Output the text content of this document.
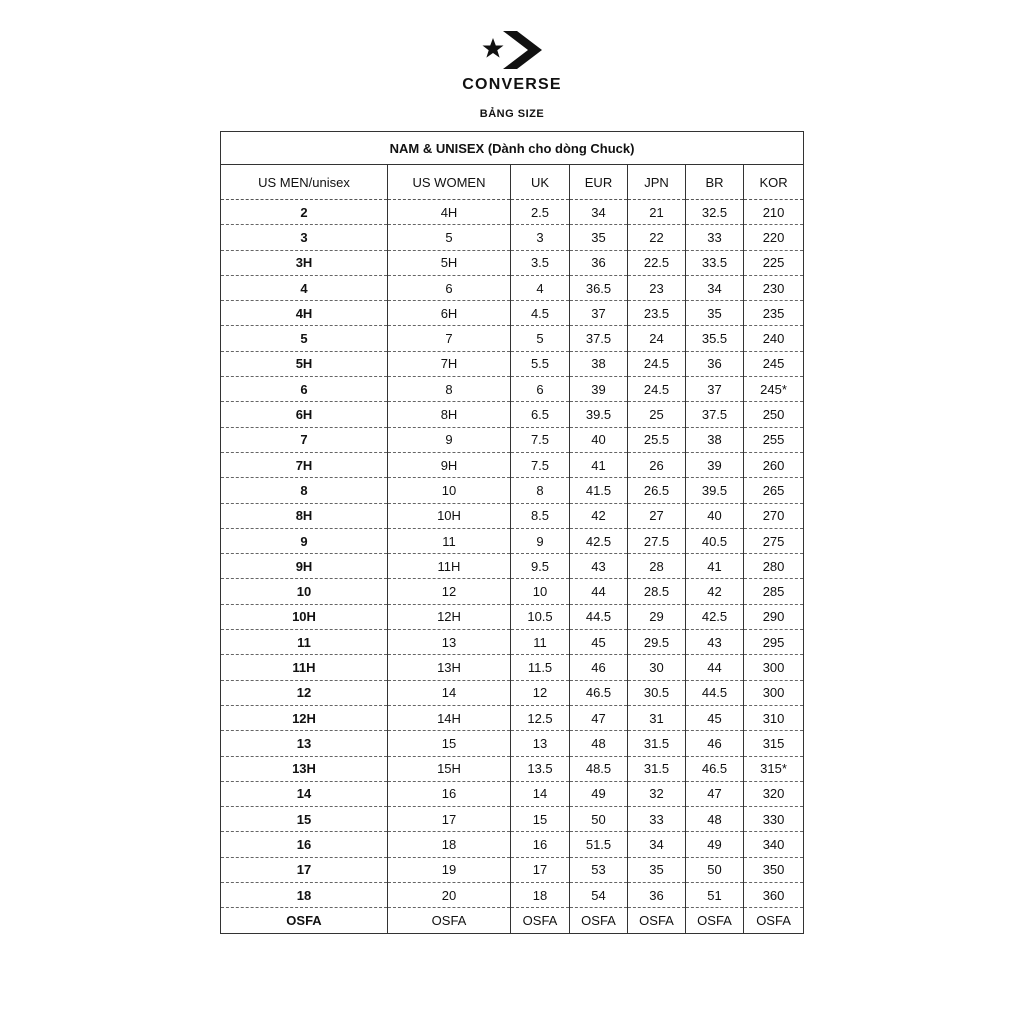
CONVERSE
BẢNG SIZE
NAM & UNISEX (Dành cho dòng Chuck)						
US MEN/unisex	US WOMEN	UK	EUR	JPN	BR	KOR
2	4H	2.5	34	21	32.5	210
3	5	3	35	22	33	220
3H	5H	3.5	36	22.5	33.5	225
4	6	4	36.5	23	34	230
4H	6H	4.5	37	23.5	35	235
5	7	5	37.5	24	35.5	240
5H	7H	5.5	38	24.5	36	245
6	8	6	39	24.5	37	245*
6H	8H	6.5	39.5	25	37.5	250
7	9	7.5	40	25.5	38	255
7H	9H	7.5	41	26	39	260
8	10	8	41.5	26.5	39.5	265
8H	10H	8.5	42	27	40	270
9	11	9	42.5	27.5	40.5	275
9H	11H	9.5	43	28	41	280
10	12	10	44	28.5	42	285
10H	12H	10.5	44.5	29	42.5	290
11	13	11	45	29.5	43	295
11H	13H	11.5	46	30	44	300
12	14	12	46.5	30.5	44.5	300
12H	14H	12.5	47	31	45	310
13	15	13	48	31.5	46	315
13H	15H	13.5	48.5	31.5	46.5	315*
14	16	14	49	32	47	320
15	17	15	50	33	48	330
16	18	16	51.5	34	49	340
17	19	17	53	35	50	350
18	20	18	54	36	51	360
OSFA	OSFA	OSFA	OSFA	OSFA	OSFA	OSFA
